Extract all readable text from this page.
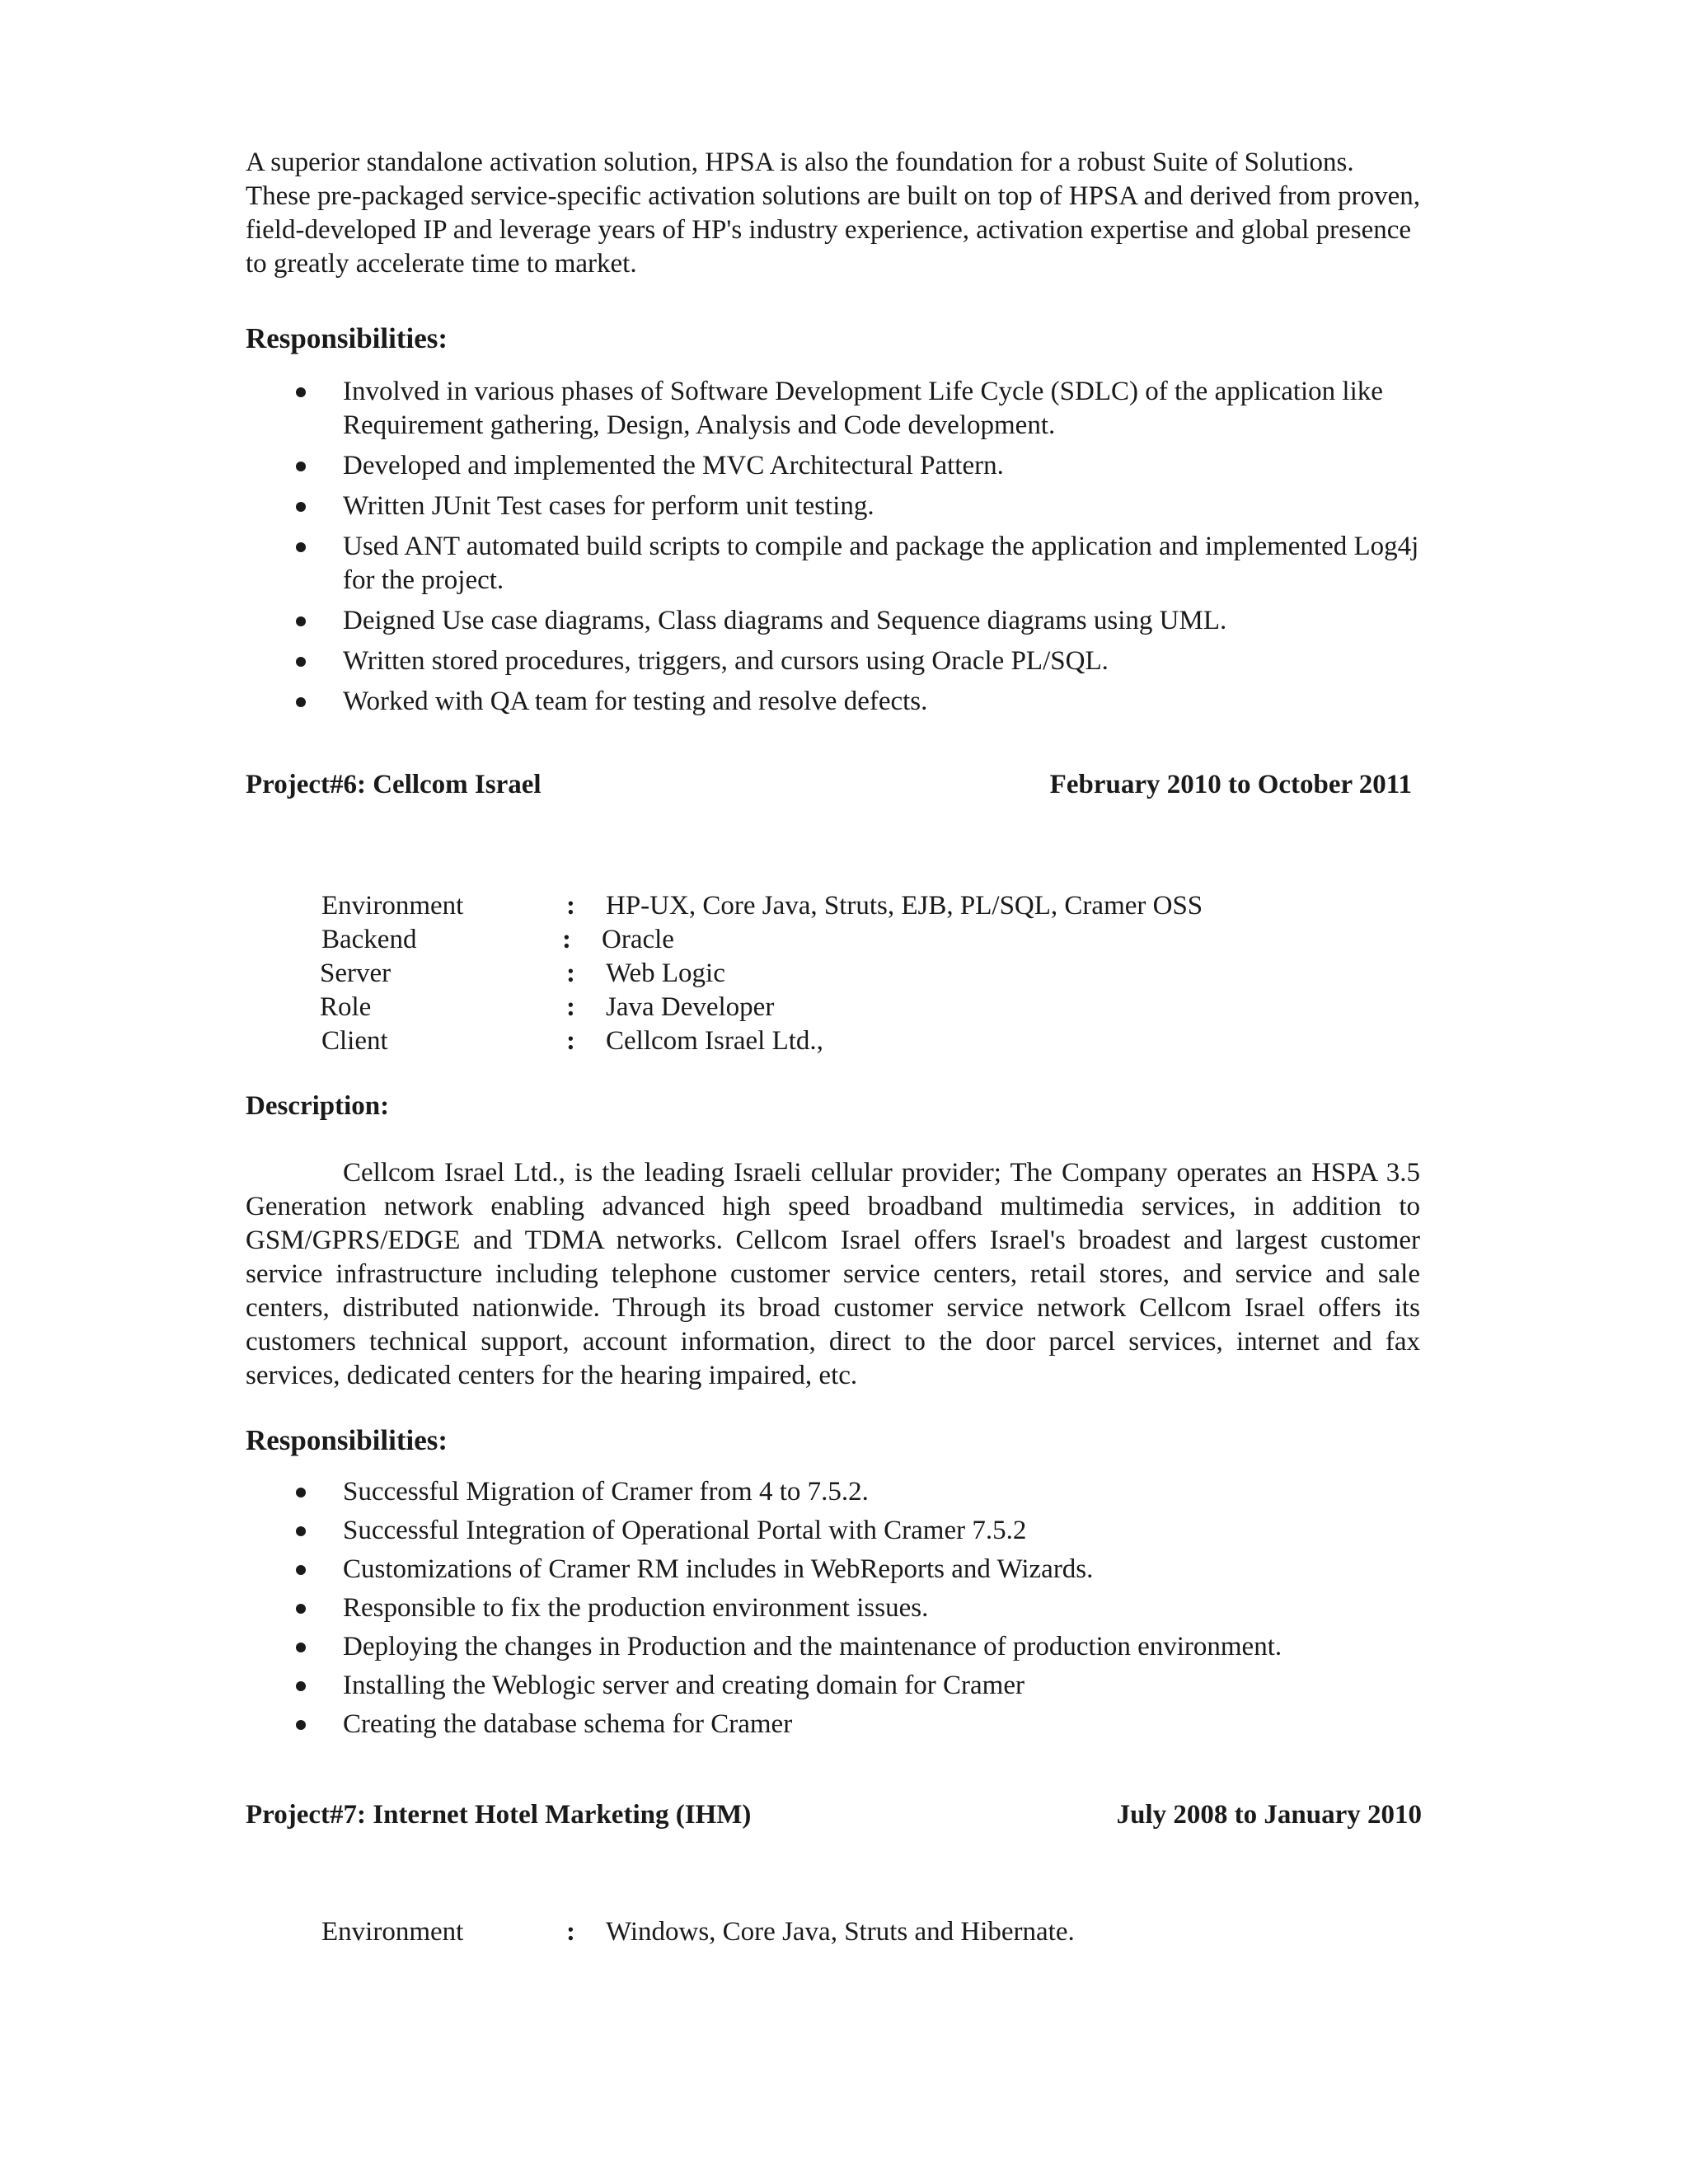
A superior standalone activation solution, HPSA is also the foundation for a robust Suite of Solutions. These pre-packaged service-specific activation solutions are built on top of HPSA and derived from proven, field-developed IP and leverage years of HP's industry experience, activation expertise and global presence to greatly accelerate time to market.

Responsibilities:
Involved in various phases of Software Development Life Cycle (SDLC) of the application like Requirement gathering, Design, Analysis and Code development.
Developed and implemented the MVC Architectural Pattern.
Written JUnit Test cases for perform unit testing.
Used ANT automated build scripts to compile and package the application and implemented Log4j for the project.
Deigned Use case diagrams, Class diagrams and Sequence diagrams using UML.
Written stored procedures, triggers, and cursors using Oracle PL/SQL.
Worked with QA team for testing and resolve defects.
Project#6: Cellcom Israel	February 2010 to October 2011
Environment	: HP-UX, Core Java, Struts, EJB, PL/SQL, Cramer OSS
Backend	: Oracle
Server	: Web Logic
Role	: Java Developer
Client	: Cellcom Israel Ltd.,
Description:

Cellcom Israel Ltd., is the leading Israeli cellular provider; The Company operates an HSPA 3.5 Generation network enabling advanced high speed broadband multimedia services, in addition to GSM/GPRS/EDGE and TDMA networks. Cellcom Israel offers Israel's broadest and largest customer service infrastructure including telephone customer service centers, retail stores, and service and sale centers, distributed nationwide. Through its broad customer service network Cellcom Israel offers its customers technical support, account information, direct to the door parcel services, internet and fax services, dedicated centers for the hearing impaired, etc.

Responsibilities:
Successful Migration of Cramer from 4 to 7.5.2.
Successful Integration of Operational Portal with Cramer 7.5.2
Customizations of Cramer RM includes in WebReports and Wizards.
Responsible to fix the production environment issues.
Deploying the changes in Production and the maintenance of production environment.
Installing the Weblogic server and creating domain for Cramer
Creating the database schema for Cramer
Project#7: Internet Hotel Marketing (IHM)	July 2008 to January 2010
Environment	: Windows, Core Java, Struts and Hibernate.
